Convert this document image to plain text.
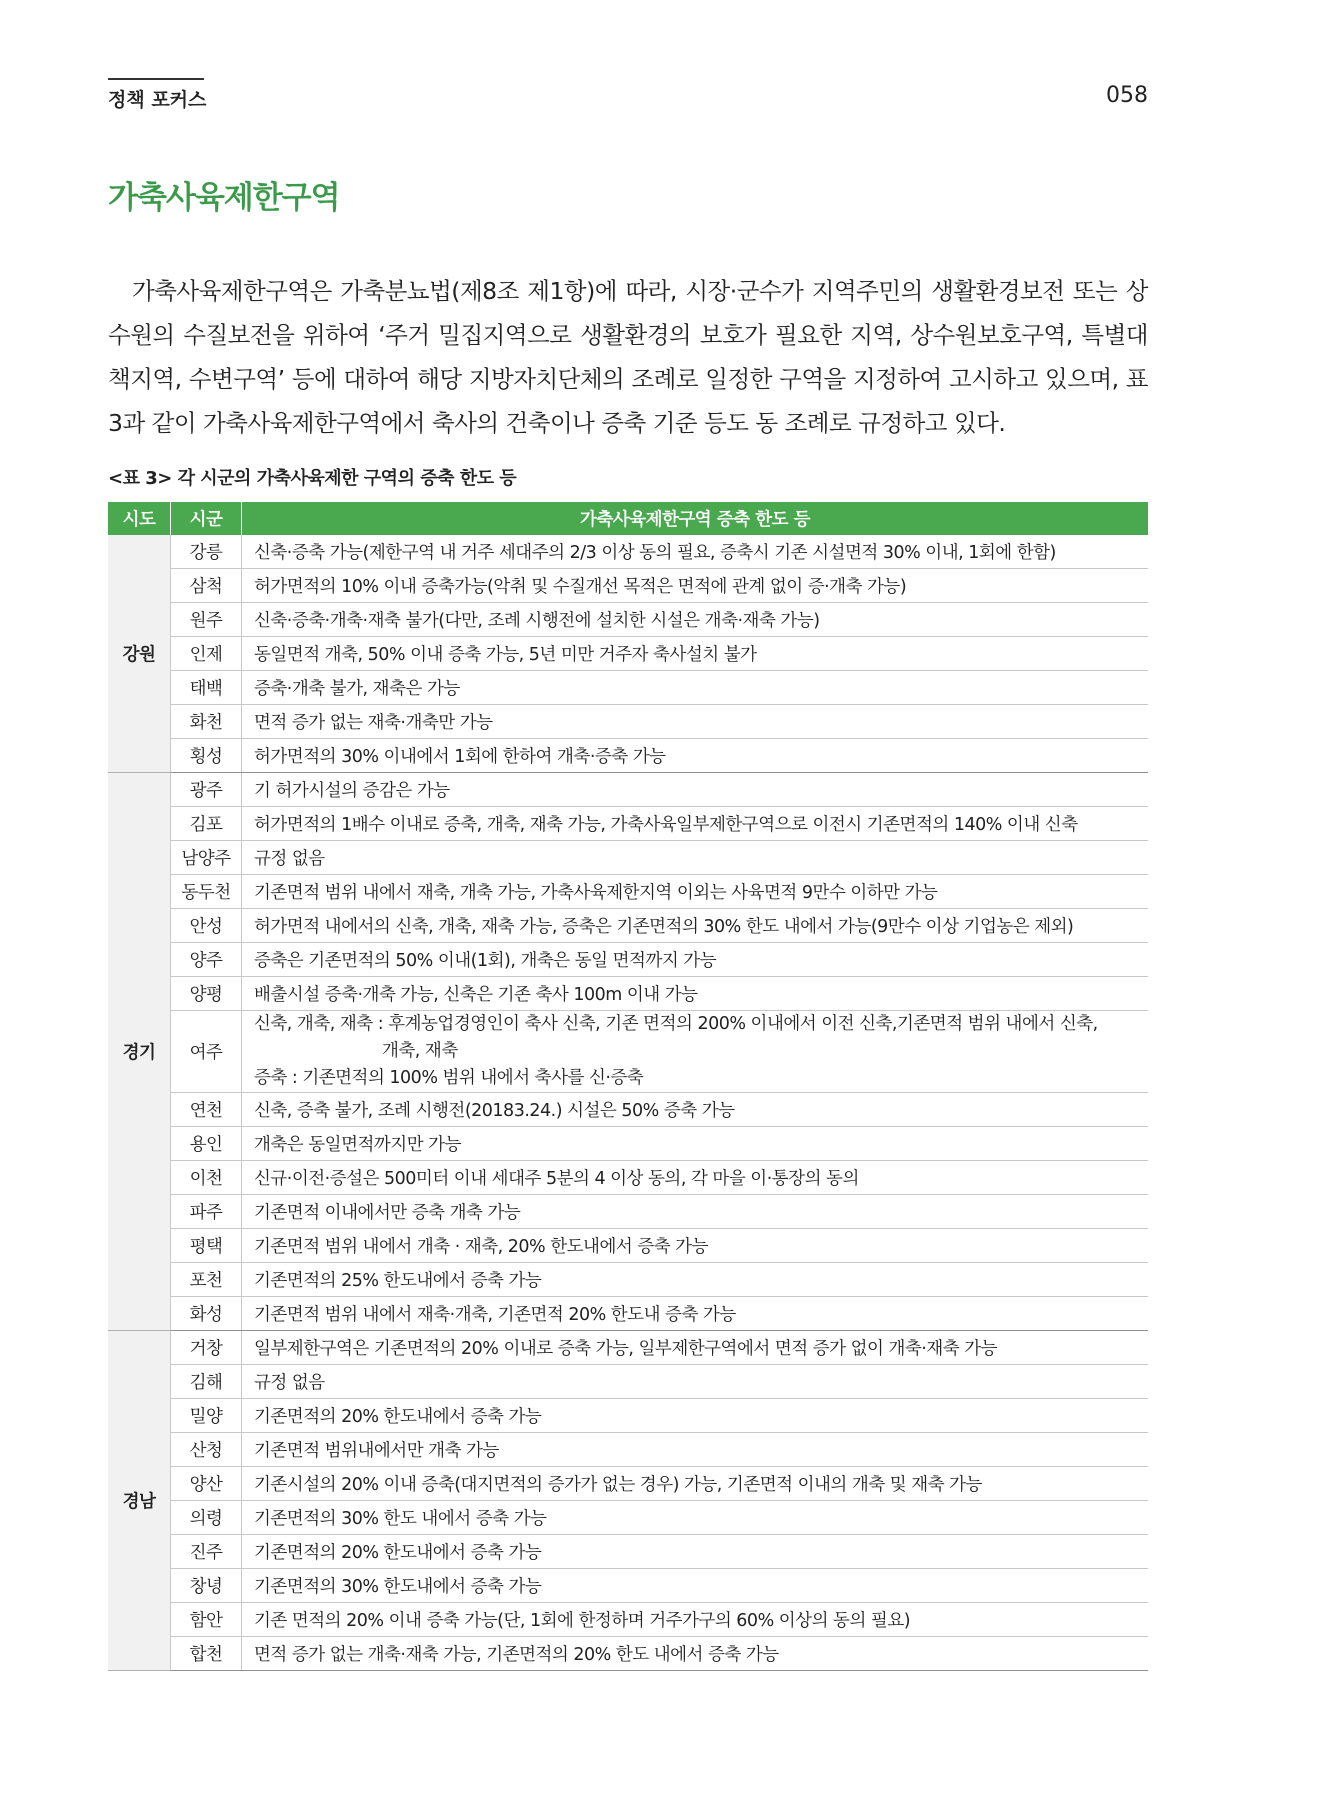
정책 포커스	058
가축사육제한구역

가축사육제한구역은 가축분뇨법(제8조 제1항)에 따라, 시장·군수가 지역주민의 생활환경보전 또는 상수원의 수질보전을 위하여 ‘주거 밀집지역으로 생활환경의 보호가 필요한 지역, 상수원보호구역, 특별대책지역, 수변구역’ 등에 대하여 해당 지방자치단체의 조례로 일정한 구역을 지정하여 고시하고 있으며, 표 3과 같이 가축사육제한구역에서 축사의 건축이나 증축 기준 등도 동 조례로 규정하고 있다.

<표 3> 각 시군의 가축사육제한 구역의 증축 한도 등
시도	시군	가축사육제한구역 증축 한도 등
강원	강릉	신축·증축 가능(제한구역 내 거주 세대주의 2/3 이상 동의 필요, 증축시 기존 시설면적 30% 이내, 1회에 한함)
	삼척	허가면적의 10% 이내 증축가능(악취 및 수질개선 목적은 면적에 관계 없이 증·개축 가능)
	원주	신축·증축·개축·재축 불가(다만, 조례 시행전에 설치한 시설은 개축·재축 가능)
	인제	동일면적 개축, 50% 이내 증축 가능, 5년 미만 거주자 축사설치 불가
	태백	증축·개축 불가, 재축은 가능
	화천	면적 증가 없는 재축·개축만 가능
	횡성	허가면적의 30% 이내에서 1회에 한하여 개축·증축 가능
경기	광주	기 허가시설의 증감은 가능
	김포	허가면적의 1배수 이내로 증축, 개축, 재축 가능, 가축사육일부제한구역으로 이전시 기존면적의 140% 이내 신축
	남양주	규정 없음
	동두천	기존면적 범위 내에서 재축, 개축 가능, 가축사육제한지역 이외는 사육면적 9만수 이하만 가능
	안성	허가면적 내에서의 신축, 개축, 재축 가능, 증축은 기존면적의 30% 한도 내에서 가능(9만수 이상 기업농은 제외)
	양주	증축은 기존면적의 50% 이내(1회), 개축은 동일 면적까지 가능
	양평	배출시설 증축·개축 가능, 신축은 기존 축사 100m 이내 가능
	여주	신축, 개축, 재축 : 후계농업경영인이 축사 신축, 기존 면적의 200% 이내에서 이전 신축,기존면적 범위 내에서 신축,
개축, 재축
증축 : 기존면적의 100% 범위 내에서 축사를 신·증축

	연천	신축, 증축 불가, 조례 시행전(20183.24.) 시설은 50% 증축 가능
	용인	개축은 동일면적까지만 가능
	이천	신규·이전·증설은 500미터 이내 세대주 5분의 4 이상 동의, 각 마을 이·통장의 동의
	파주	기존면적 이내에서만 증축 개축 가능
	평택	기존면적 범위 내에서 개축 · 재축, 20% 한도내에서 증축 가능
	포천	기존면적의 25% 한도내에서 증축 가능
	화성	기존면적 범위 내에서 재축·개축, 기존면적 20% 한도내 증축 가능
경남	거창	일부제한구역은 기존면적의 20% 이내로 증축 가능, 일부제한구역에서 면적 증가 없이 개축·재축 가능
	김해	규정 없음
	밀양	기존면적의 20% 한도내에서 증축 가능
	산청	기존면적 범위내에서만 개축 가능
	양산	기존시설의 20% 이내 증축(대지면적의 증가가 없는 경우) 가능, 기존면적 이내의 개축 및 재축 가능
	의령	기존면적의 30% 한도 내에서 증축 가능
	진주	기존면적의 20% 한도내에서 증축 가능
	창녕	기존면적의 30% 한도내에서 증축 가능
	함안	기존 면적의 20% 이내 증축 가능(단, 1회에 한정하며 거주가구의 60% 이상의 동의 필요)
	합천	면적 증가 없는 개축·재축 가능, 기존면적의 20% 한도 내에서 증축 가능
